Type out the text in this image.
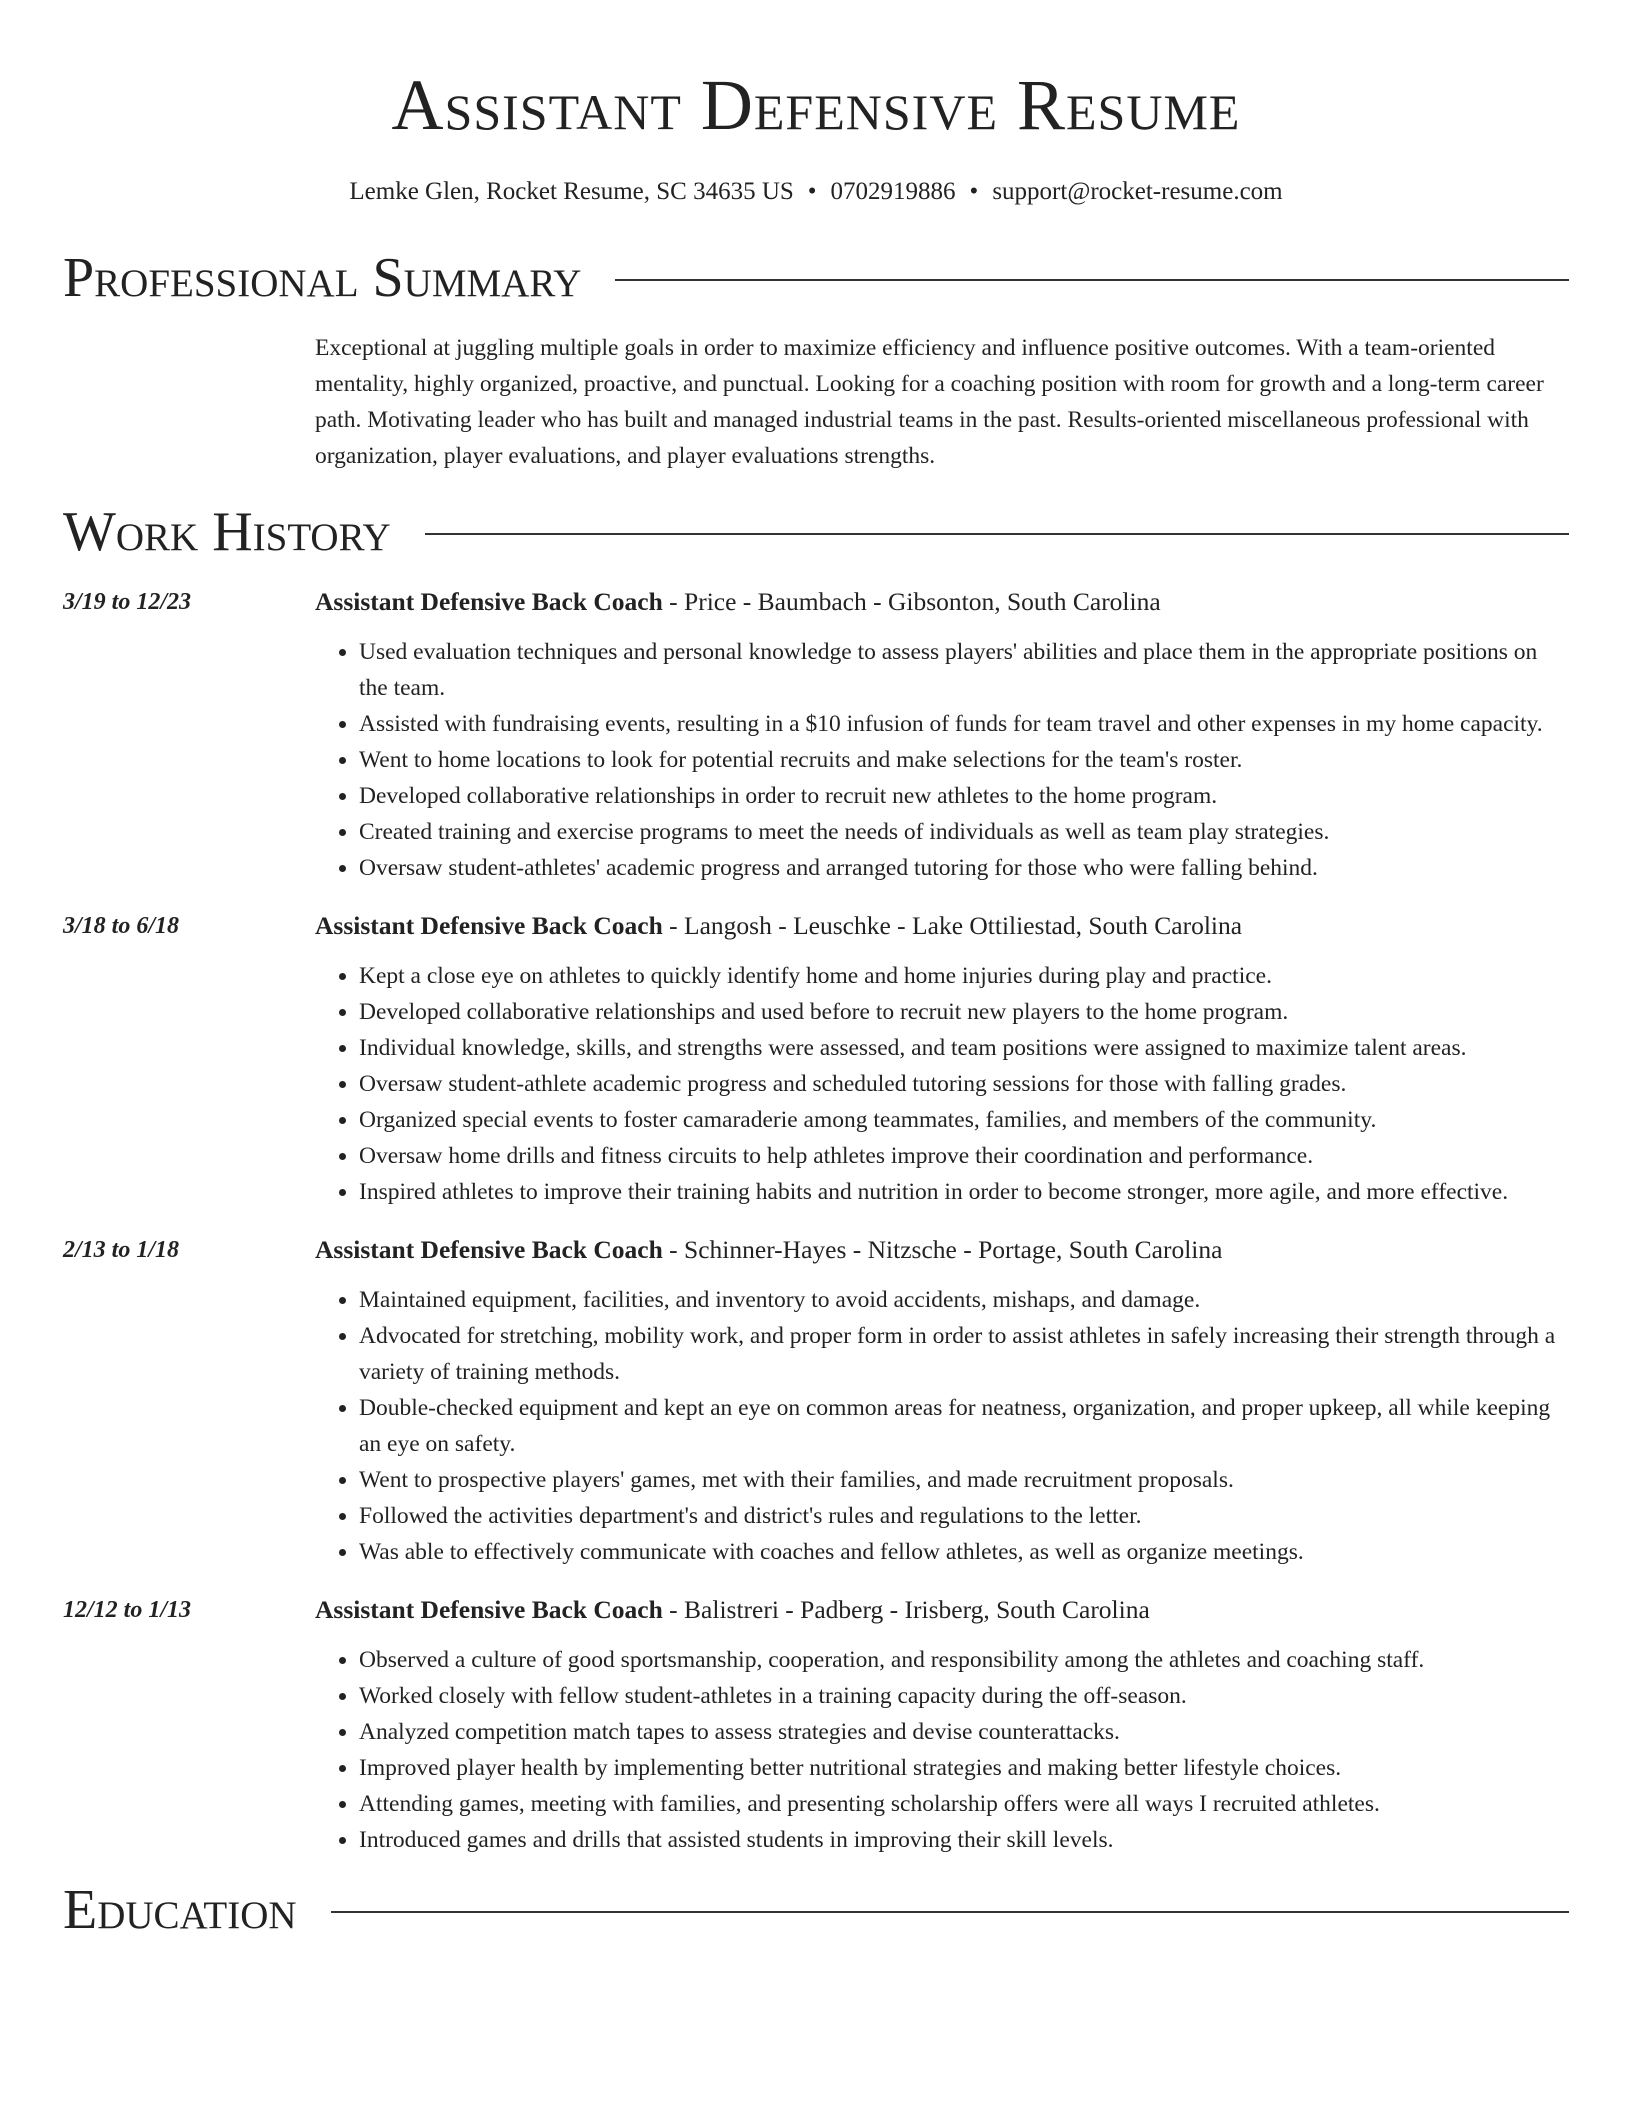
Assistant Defensive Resume
Lemke Glen, Rocket Resume, SC 34635 US • 0702919886 • support@rocket-resume.com
Professional Summary

Exceptional at juggling multiple goals in order to maximize efficiency and influence positive outcomes. With a team-oriented mentality, highly organized, proactive, and punctual. Looking for a coaching position with room for growth and a long-term career path. Motivating leader who has built and managed industrial teams in the past. Results-oriented miscellaneous professional with organization, player evaluations, and player evaluations strengths.

Work History
3/19 to 12/23	Assistant Defensive Back Coach - Price - Baumbach - Gibsonton, South Carolina
• Used evaluation techniques and personal knowledge to assess players' abilities and place them in the appropriate positions on the team.
• Assisted with fundraising events, resulting in a $10 infusion of funds for team travel and other expenses in my home capacity.
• Went to home locations to look for potential recruits and make selections for the team's roster.
• Developed collaborative relationships in order to recruit new athletes to the home program.
• Created training and exercise programs to meet the needs of individuals as well as team play strategies.
• Oversaw student-athletes' academic progress and arranged tutoring for those who were falling behind.
3/18 to 6/18	Assistant Defensive Back Coach - Langosh - Leuschke - Lake Ottiliestad, South Carolina
• Kept a close eye on athletes to quickly identify home and home injuries during play and practice.
• Developed collaborative relationships and used before to recruit new players to the home program.
• Individual knowledge, skills, and strengths were assessed, and team positions were assigned to maximize talent areas.
• Oversaw student-athlete academic progress and scheduled tutoring sessions for those with falling grades.
• Organized special events to foster camaraderie among teammates, families, and members of the community.
• Oversaw home drills and fitness circuits to help athletes improve their coordination and performance.
• Inspired athletes to improve their training habits and nutrition in order to become stronger, more agile, and more effective.
2/13 to 1/18	Assistant Defensive Back Coach - Schinner-Hayes - Nitzsche - Portage, South Carolina
• Maintained equipment, facilities, and inventory to avoid accidents, mishaps, and damage.
• Advocated for stretching, mobility work, and proper form in order to assist athletes in safely increasing their strength through a variety of training methods.
• Double-checked equipment and kept an eye on common areas for neatness, organization, and proper upkeep, all while keeping an eye on safety.
• Went to prospective players' games, met with their families, and made recruitment proposals.
• Followed the activities department's and district's rules and regulations to the letter.
• Was able to effectively communicate with coaches and fellow athletes, as well as organize meetings.
12/12 to 1/13	Assistant Defensive Back Coach - Balistreri - Padberg - Irisberg, South Carolina
• Observed a culture of good sportsmanship, cooperation, and responsibility among the athletes and coaching staff.
• Worked closely with fellow student-athletes in a training capacity during the off-season.
• Analyzed competition match tapes to assess strategies and devise counterattacks.
• Improved player health by implementing better nutritional strategies and making better lifestyle choices.
• Attending games, meeting with families, and presenting scholarship offers were all ways I recruited athletes.
• Introduced games and drills that assisted students in improving their skill levels.
Education
